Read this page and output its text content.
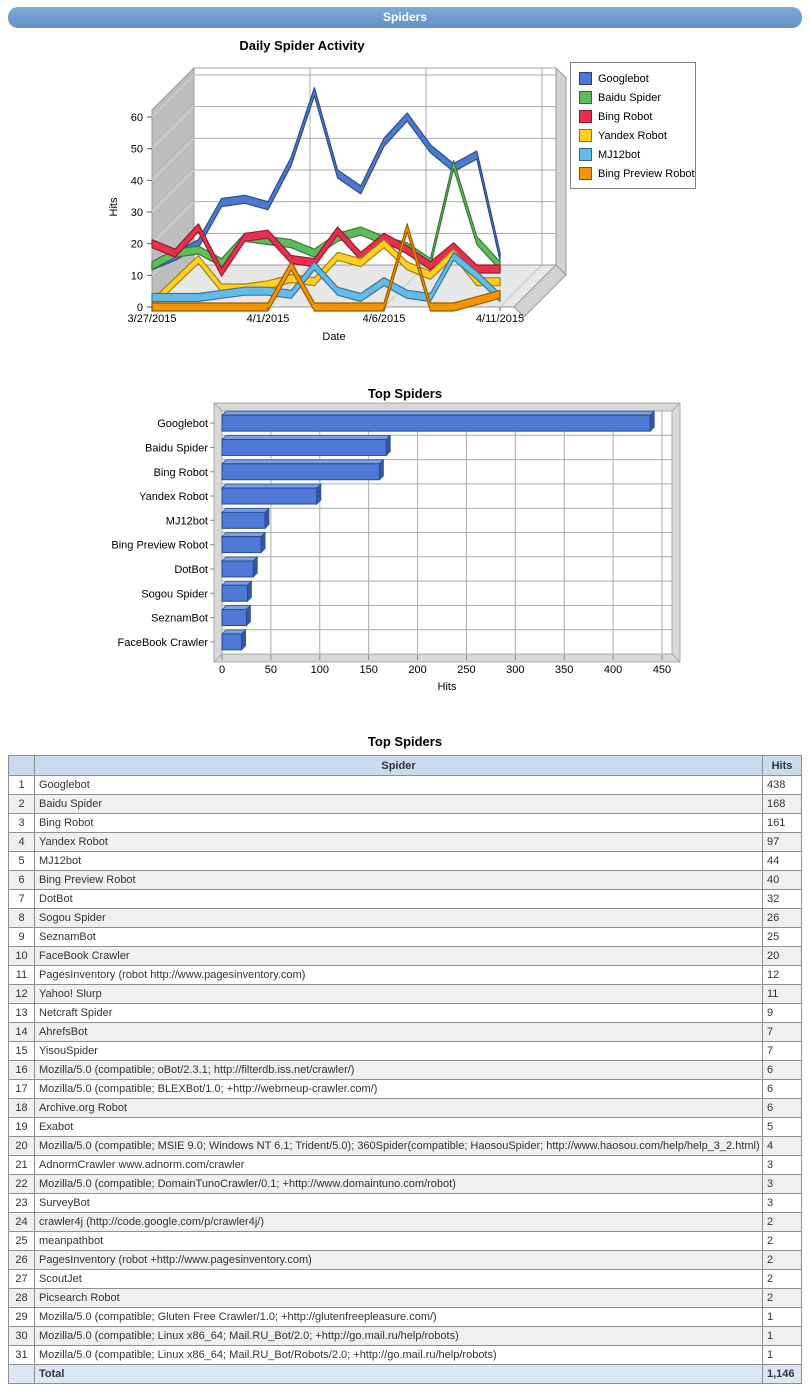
Spiders
Daily Spider Activity
0
10
20
30
40
50
60
3/27/2015	4/1/2015	4/6/2015	4/11/2015
Date
Hits
0	50	100	150	200	250	300	350	400	450
Googlebot
Baidu Spider
Bing Robot
Yandex Robot
MJ12bot
Bing Preview Robot
DotBot
Sogou Spider
SeznamBot
FaceBook Crawler
Hits
Googlebot
Baidu Spider
Bing Robot
Yandex Robot
MJ12bot
Bing Preview Robot
Top Spiders
Top Spiders
	Spider	Hits
1	Googlebot	438
2	Baidu Spider	168
3	Bing Robot	161
4	Yandex Robot	97
5	MJ12bot	44
6	Bing Preview Robot	40
7	DotBot	32
8	Sogou Spider	26
9	SeznamBot	25
10	FaceBook Crawler	20
11	PagesInventory (robot http://www.pagesinventory.com)	12
12	Yahoo! Slurp	11
13	Netcraft Spider	9
14	AhrefsBot	7
15	YisouSpider	7
16	Mozilla/5.0 (compatible; oBot/2.3.1; http://filterdb.iss.net/crawler/)	6
17	Mozilla/5.0 (compatible; BLEXBot/1.0; +http://webmeup-crawler.com/)	6
18	Archive.org Robot	6
19	Exabot	5
20	Mozilla/5.0 (compatible; MSIE 9.0; Windows NT 6.1; Trident/5.0); 360Spider(compatible; HaosouSpider; http://www.haosou.com/help/help_3_2.html)	4
21	AdnormCrawler www.adnorm.com/crawler	3
22	Mozilla/5.0 (compatible; DomainTunoCrawler/0.1; +http://www.domaintuno.com/robot)	3
23	SurveyBot	3
24	crawler4j (http://code.google.com/p/crawler4j/)	2
25	meanpathbot	2
26	PagesInventory (robot +http://www.pagesinventory.com)	2
27	ScoutJet	2
28	Picsearch Robot	2
29	Mozilla/5.0 (compatible; Gluten Free Crawler/1.0; +http://glutenfreepleasure.com/)	1
30	Mozilla/5.0 (compatible; Linux x86_64; Mail.RU_Bot/2.0; +http://go.mail.ru/help/robots)	1
31	Mozilla/5.0 (compatible; Linux x86_64; Mail.RU_Bot/Robots/2.0; +http://go.mail.ru/help/robots)	1
	Total	1,146
